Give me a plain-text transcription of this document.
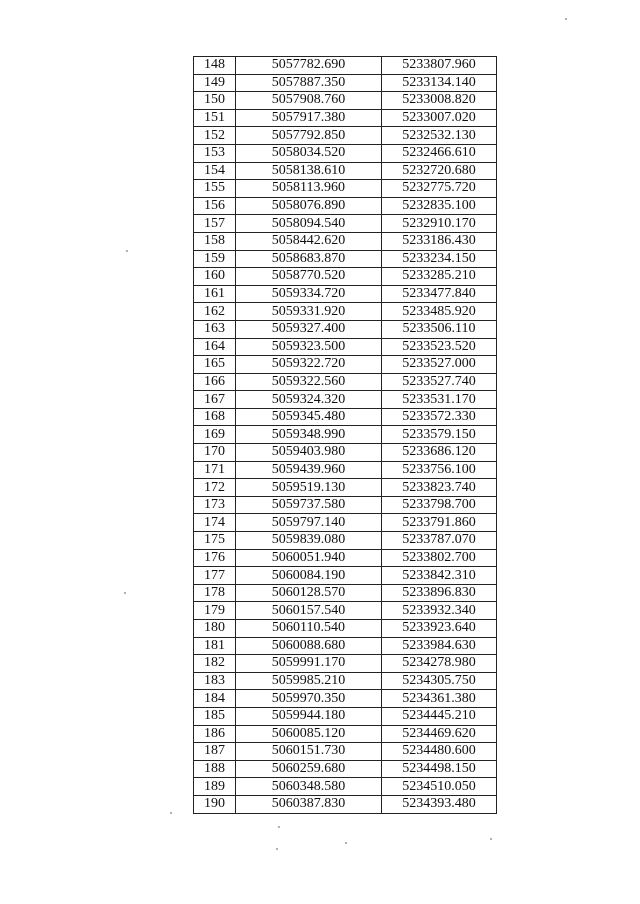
148	5057782.690	5233807.960
149	5057887.350	5233134.140
150	5057908.760	5233008.820
151	5057917.380	5233007.020
152	5057792.850	5232532.130
153	5058034.520	5232466.610
154	5058138.610	5232720.680
155	5058113.960	5232775.720
156	5058076.890	5232835.100
157	5058094.540	5232910.170
158	5058442.620	5233186.430
159	5058683.870	5233234.150
160	5058770.520	5233285.210
161	5059334.720	5233477.840
162	5059331.920	5233485.920
163	5059327.400	5233506.110
164	5059323.500	5233523.520
165	5059322.720	5233527.000
166	5059322.560	5233527.740
167	5059324.320	5233531.170
168	5059345.480	5233572.330
169	5059348.990	5233579.150
170	5059403.980	5233686.120
171	5059439.960	5233756.100
172	5059519.130	5233823.740
173	5059737.580	5233798.700
174	5059797.140	5233791.860
175	5059839.080	5233787.070
176	5060051.940	5233802.700
177	5060084.190	5233842.310
178	5060128.570	5233896.830
179	5060157.540	5233932.340
180	5060110.540	5233923.640
181	5060088.680	5233984.630
182	5059991.170	5234278.980
183	5059985.210	5234305.750
184	5059970.350	5234361.380
185	5059944.180	5234445.210
186	5060085.120	5234469.620
187	5060151.730	5234480.600
188	5060259.680	5234498.150
189	5060348.580	5234510.050
190	5060387.830	5234393.480
